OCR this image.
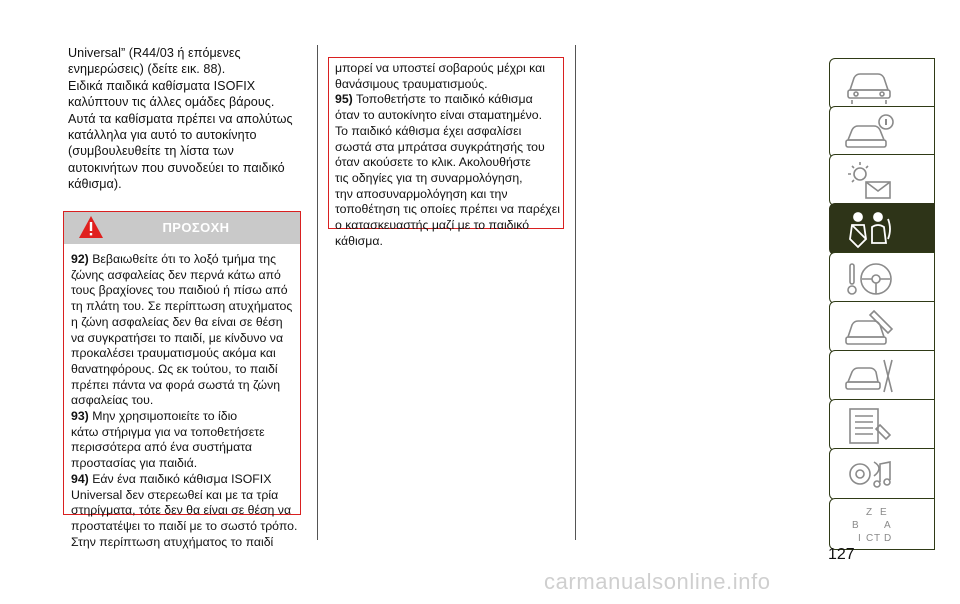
Universal” (R44/03 ή επόμενες

ενημερώσεις) (δείτε εικ. 88).

Ειδικά παιδικά καθίσματα ISOFIX

καλύπτουν τις άλλες ομάδες βάρους.

Αυτά τα καθίσματα πρέπει να απολύτως

κατάλληλα για αυτό το αυτοκίνητο

(συμβουλευθείτε τη λίστα των

αυτοκινήτων που συνοδεύει το παιδικό

κάθισμα).

ΠΡΟΣΟΧΗ

92) Βεβαιωθείτε ότι το λοξό τμήμα της

ζώνης ασφαλείας δεν περνά κάτω από

τους βραχίονες του παιδιού ή πίσω από

τη πλάτη του. Σε περίπτωση ατυχήματος

η ζώνη ασφαλείας δεν θα είναι σε θέση

να συγκρατήσει το παιδί, με κίνδυνο να

προκαλέσει τραυματισμούς ακόμα και

θανατηφόρους. Ως εκ τούτου, το παιδί

πρέπει πάντα να φορά σωστά τη ζώνη

ασφαλείας του.

93) Μην χρησιμοποιείτε το ίδιο

κάτω στήριγμα για να τοποθετήσετε

περισσότερα από ένα συστήματα

προστασίας για παιδιά.

94) Εάν ένα παιδικό κάθισμα ISOFIX

Universal δεν στερεωθεί και με τα τρία

στηρίγματα, τότε δεν θα είναι σε θέση να

προστατέψει το παιδί με το σωστό τρόπο.

Στην περίπτωση ατυχήματος το παιδί

μπορεί να υποστεί σοβαρούς μέχρι και

θανάσιμους τραυματισμούς.

95) Τοποθετήστε το παιδικό κάθισμα

όταν το αυτοκίνητο είναι σταματημένο.

Το παιδικό κάθισμα έχει ασφαλίσει

σωστά στα μπράτσα συγκράτησής του

όταν ακούσετε το κλικ. Ακολουθήστε

τις οδηγίες για τη συναρμολόγηση,

την αποσυναρμολόγηση και την

τοποθέτηση τις οποίες πρέπει να παρέχει

ο κατασκευαστής μαζί με το παιδικό

κάθισμα.

Z E
B	A
I C T D
127
carmanualsonline.info
